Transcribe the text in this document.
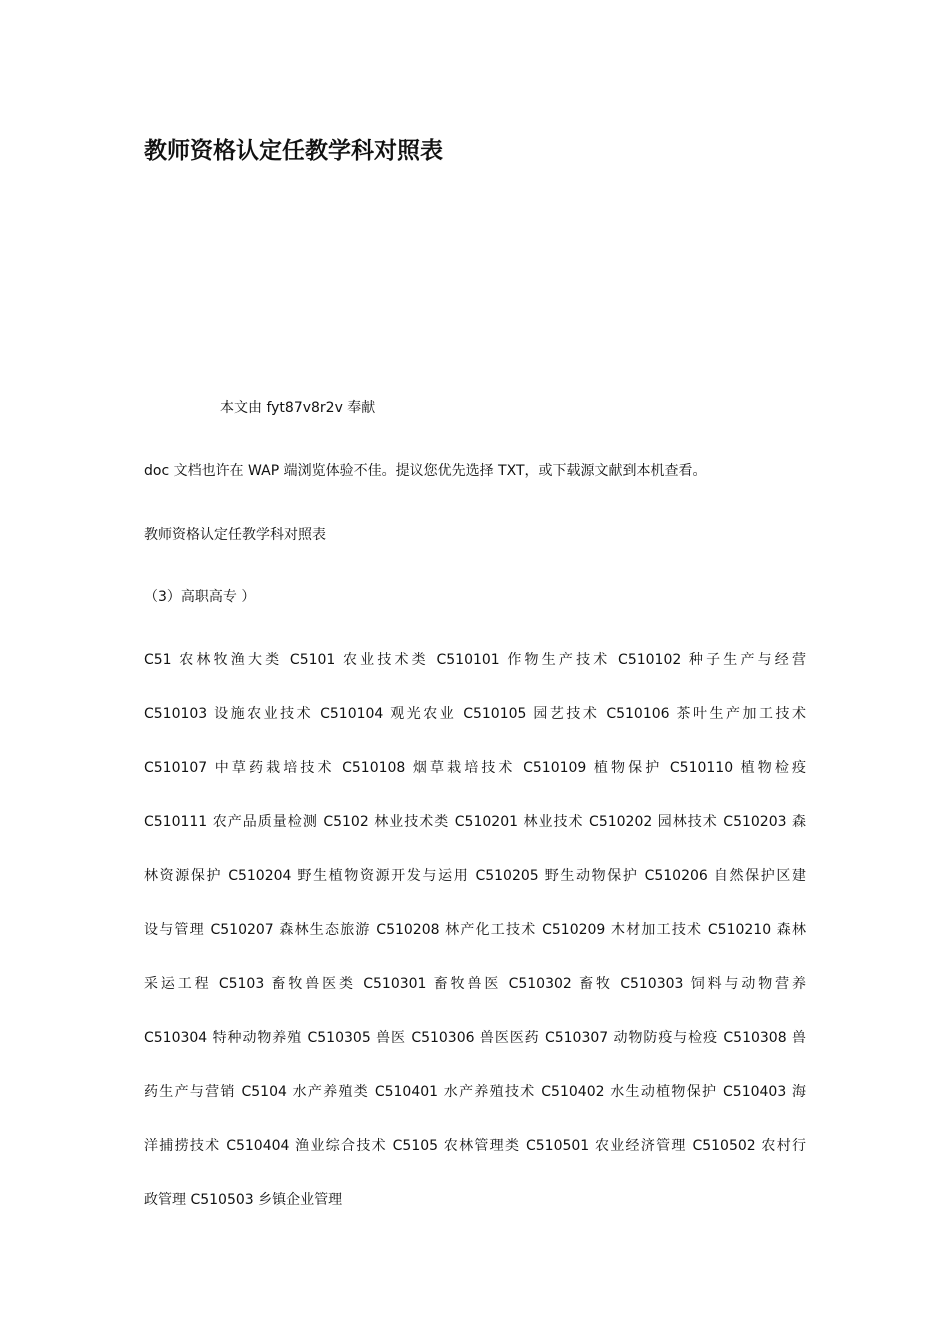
教师资格认定任教学科对照表

本文由 fyt87v8r2v 奉献

doc 文档也许在 WAP 端浏览体验不佳。提议您优先选择 TXT，或下载源文献到本机查看。

教师资格认定任教学科对照表

（3）高职高专 ）

C51 农林牧渔大类 C5101 农业技术类 C510101 作物生产技术 C510102 种子生产与经营
C510103 设施农业技术 C510104 观光农业 C510105 园艺技术 C510106 茶叶生产加工技术
C510107 中草药栽培技术 C510108 烟草栽培技术 C510109 植物保护 C510110 植物检疫
C510111 农产品质量检测 C5102 林业技术类 C510201 林业技术 C510202 园林技术 C510203 森
林资源保护 C510204 野生植物资源开发与运用 C510205 野生动物保护 C510206 自然保护区建
设与管理 C510207 森林生态旅游 C510208 林产化工技术 C510209 木材加工技术 C510210 森林
采运工程 C5103 畜牧兽医类 C510301 畜牧兽医 C510302 畜牧 C510303 饲料与动物营养
C510304 特种动物养殖 C510305 兽医 C510306 兽医医药 C510307 动物防疫与检疫 C510308 兽
药生产与营销 C5104 水产养殖类 C510401 水产养殖技术 C510402 水生动植物保护 C510403 海
洋捕捞技术 C510404 渔业综合技术 C5105 农林管理类 C510501 农业经济管理 C510502 农村行
政管理 C510503 乡镇企业管理
